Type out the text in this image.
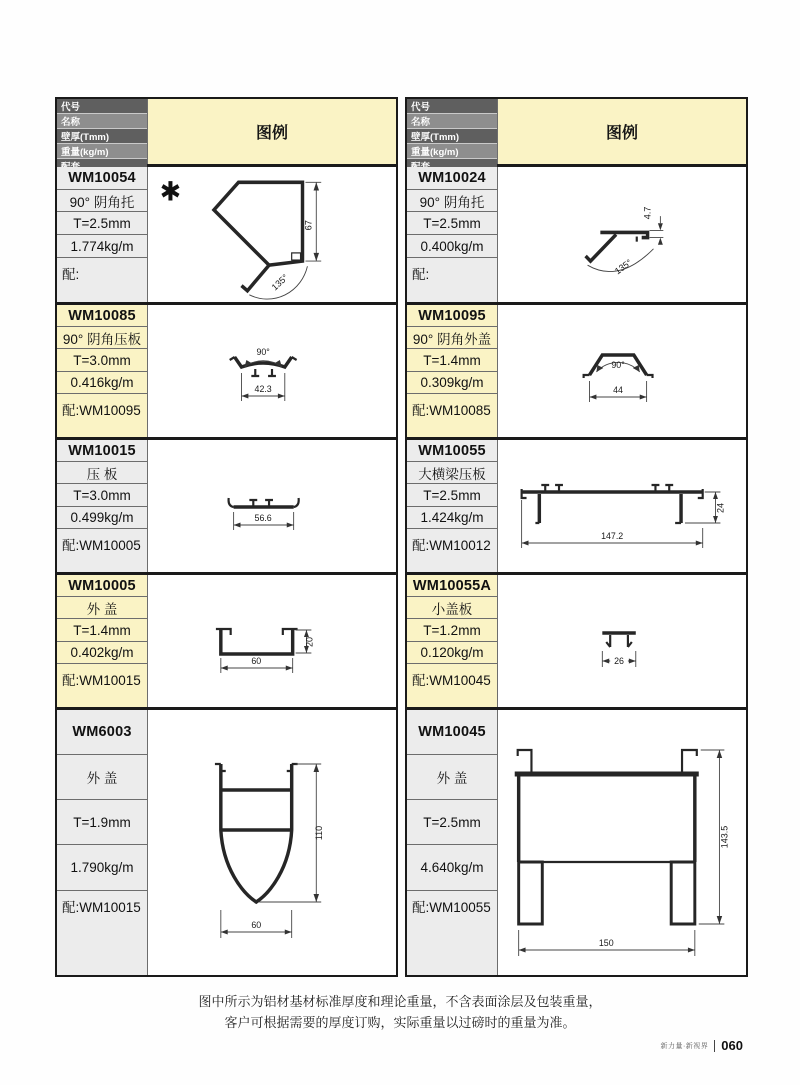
代号
名称
壁厚(Tmm)
重量(kg/m)
图例
WM10054
90° 阴角托
T=2.5mm
1.774kg/m
配:
✱
67
135°
WM10085
90° 阴角压板
T=3.0mm
0.416kg/m
配:WM10095
90°
42.3
WM10015
压 板
T=3.0mm
0.499kg/m
配:WM10005
56.6
WM10005
外 盖
T=1.4mm
0.402kg/m
配:WM10015
20
60
WM6003
外 盖
T=1.9mm
1.790kg/m
配:WM10015
110
60
代号
名称
壁厚(Tmm)
重量(kg/m)
图例
WM10024
90° 阴角托
T=2.5mm
0.400kg/m
配:
4.7
135°
WM10095
90° 阴角外盖
T=1.4mm
0.309kg/m
配:WM10085
90°
44
WM10055
大横梁压板
T=2.5mm
1.424kg/m
配:WM10012
24
147.2
WM10055A
小盖板
T=1.2mm
0.120kg/m
配:WM10045
26
WM10045
外 盖
T=2.5mm
4.640kg/m
配:WM10055
143.5
150
图中所示为铝材基材标准厚度和理论重量，不含表面涂层及包装重量，
客户可根据需要的厚度订购，实际重量以过磅时的重量为准。
新力量·新视界 060
